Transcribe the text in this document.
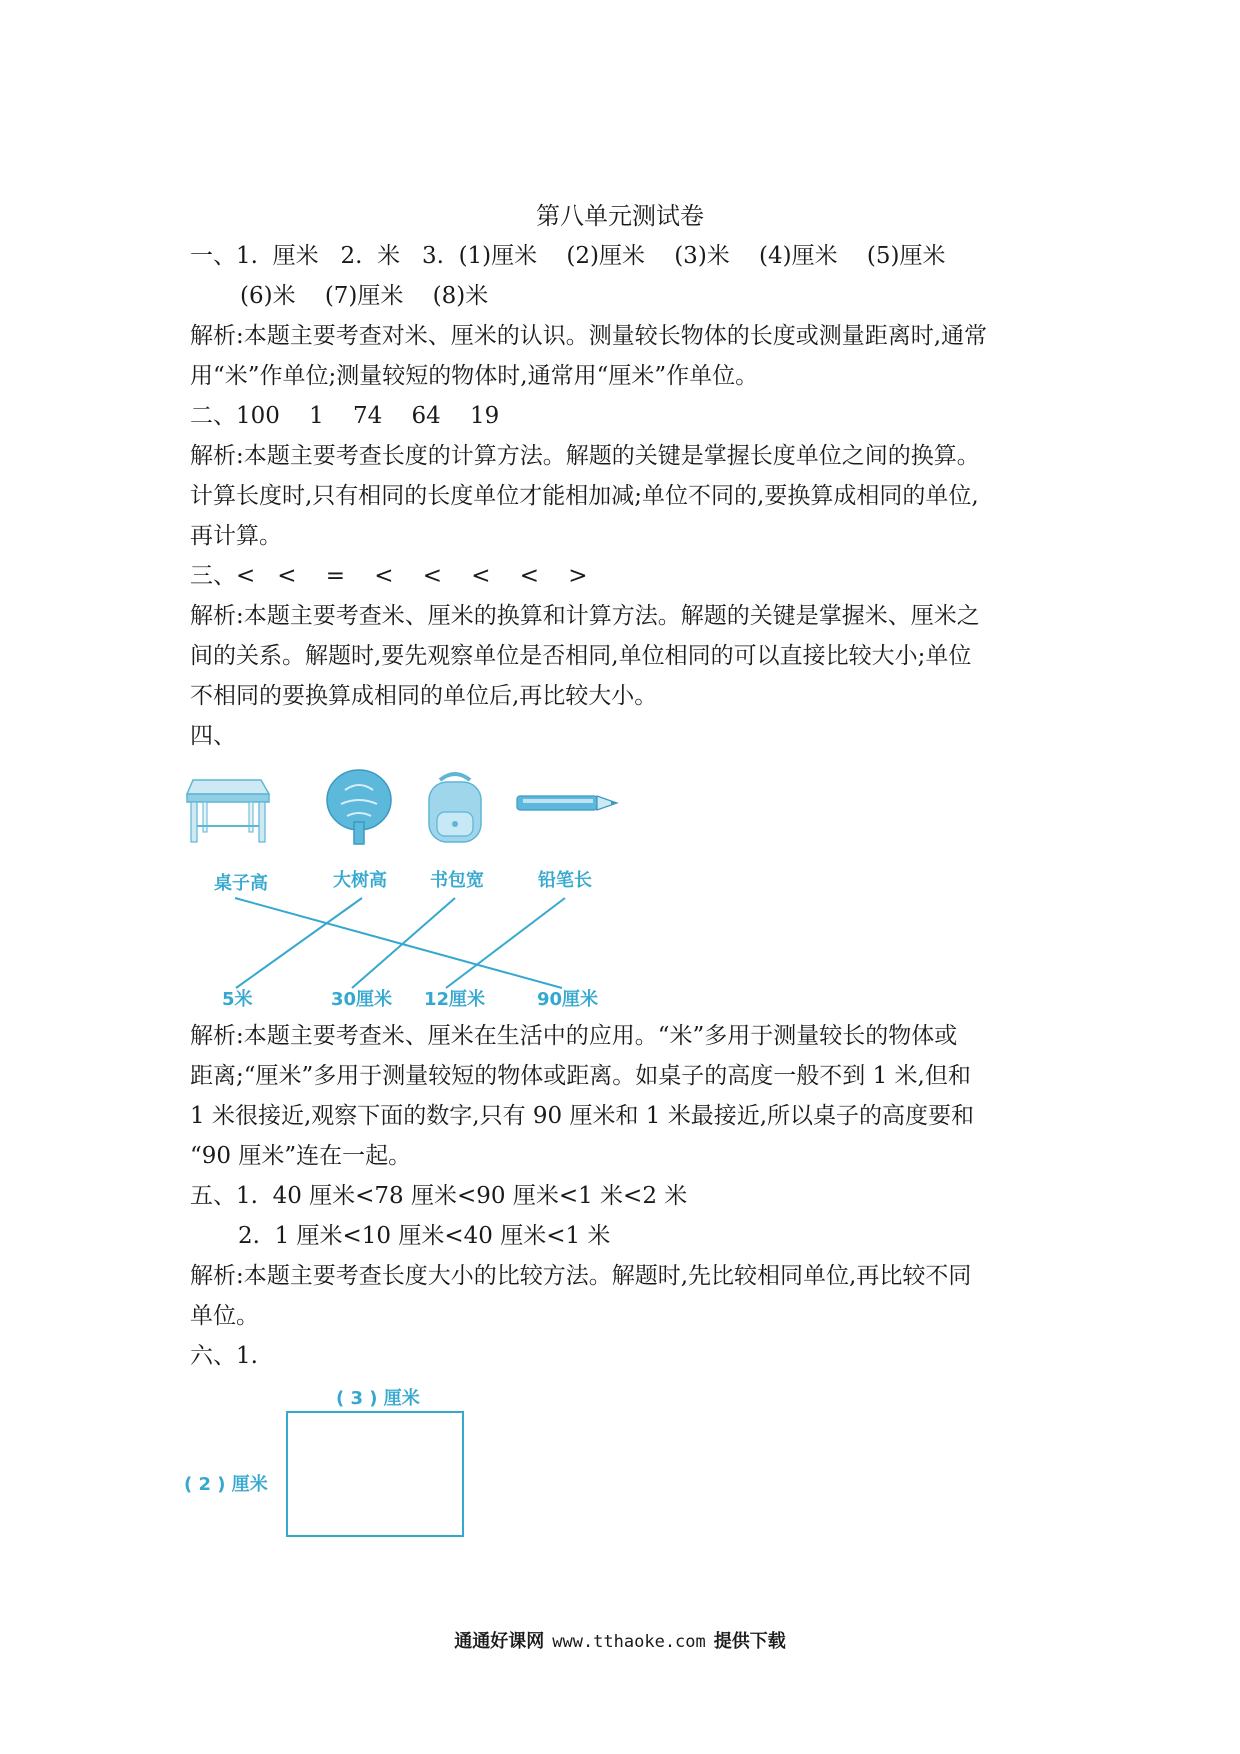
第八单元测试卷
一、1.  厘米   2.  米   3.  (1)厘米    (2)厘米    (3)米    (4)厘米    (5)厘米
(6)米    (7)厘米    (8)米
解析:本题主要考查对米、厘米的认识。测量较长物体的长度或测量距离时,通常
用“米”作单位;测量较短的物体时,通常用“厘米”作单位。
二、100    1    74    64    19
解析:本题主要考查长度的计算方法。解题的关键是掌握长度单位之间的换算。
计算长度时,只有相同的长度单位才能相加减;单位不同的,要换算成相同的单位,
再计算。
三、<   <    =    <    <    <    <    >
解析:本题主要考查米、厘米的换算和计算方法。解题的关键是掌握米、厘米之
间的关系。解题时,要先观察单位是否相同,单位相同的可以直接比较大小;单位
不相同的要换算成相同的单位后,再比较大小。
四、
桌子高	大树高 书包宽	铅笔长
5米	30厘米 12厘米	90厘米
解析:本题主要考查米、厘米在生活中的应用。“米”多用于测量较长的物体或
距离;“厘米”多用于测量较短的物体或距离。如桌子的高度一般不到 1 米,但和
1 米很接近,观察下面的数字,只有 90 厘米和 1 米最接近,所以桌子的高度要和
“90 厘米”连在一起。
五、1.  40 厘米<78 厘米<90 厘米<1 米<2 米
2.  1 厘米<10 厘米<40 厘米<1 米
解析:本题主要考查长度大小的比较方法。解题时,先比较相同单位,再比较不同
单位。
六、1.
( 3 ) 厘米
( 2 ) 厘米
通通好课网 www.tthaoke.com 提供下载
